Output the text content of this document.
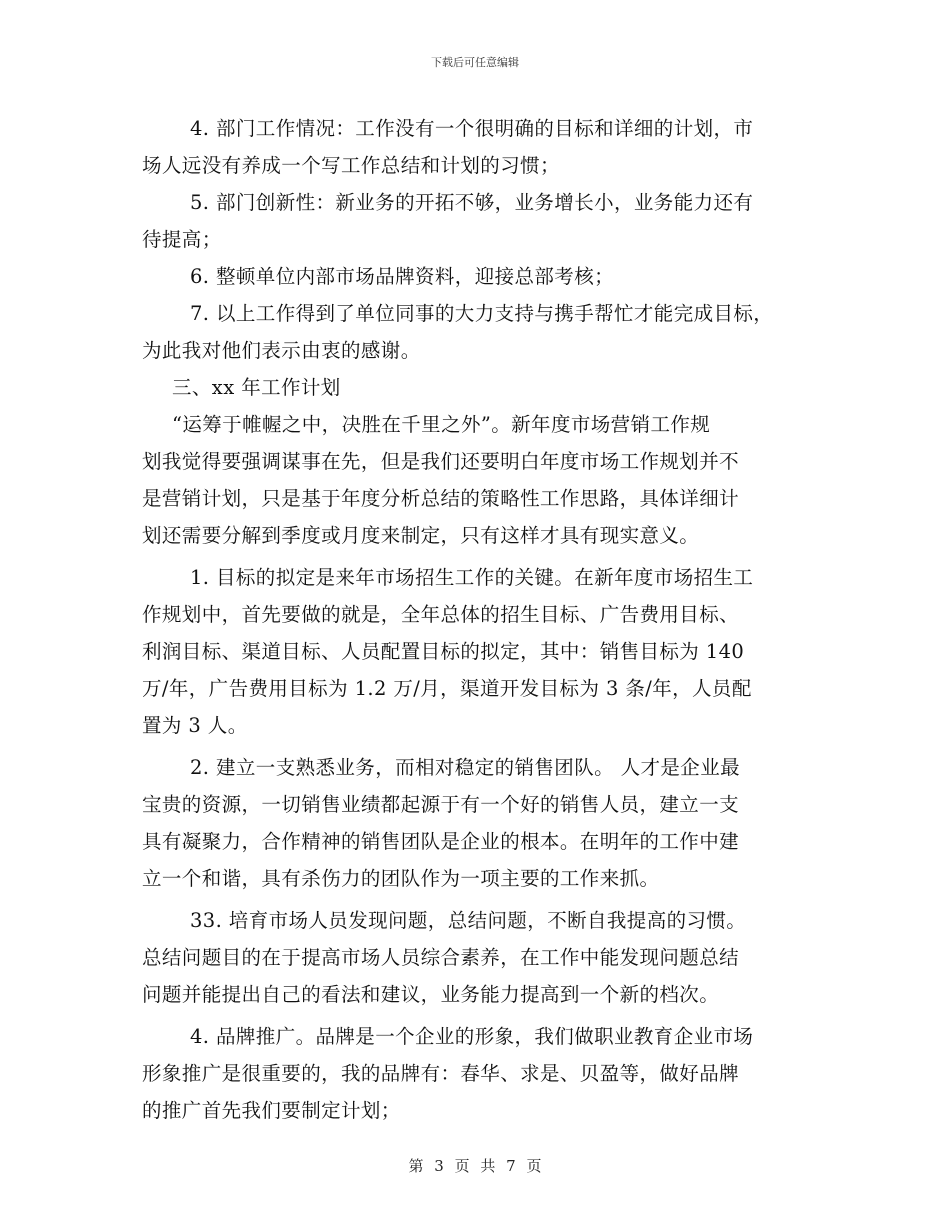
下载后可任意编辑
4. 部门工作情况：工作没有一个很明确的目标和详细的计划，市
场人远没有养成一个写工作总结和计划的习惯；
5. 部门创新性：新业务的开拓不够，业务增长小，业务能力还有
待提高；
6. 整顿单位内部市场品牌资料，迎接总部考核；
7. 以上工作得到了单位同事的大力支持与携手帮忙才能完成目标，
为此我对他们表示由衷的感谢。
三、xx 年工作计划
“运筹于帷幄之中，决胜在千里之外”。新年度市场营销工作规
划我觉得要强调谋事在先，但是我们还要明白年度市场工作规划并不
是营销计划，只是基于年度分析总结的策略性工作思路，具体详细计
划还需要分解到季度或月度来制定，只有这样才具有现实意义。
1. 目标的拟定是来年市场招生工作的关键。在新年度市场招生工
作规划中，首先要做的就是，全年总体的招生目标、广告费用目标、
利润目标、渠道目标、人员配置目标的拟定，其中：销售目标为 140
万/年，广告费用目标为 1.2 万/月，渠道开发目标为 3 条/年，人员配
置为 3 人。
2. 建立一支熟悉业务，而相对稳定的销售团队。 人才是企业最
宝贵的资源，一切销售业绩都起源于有一个好的销售人员，建立一支
具有凝聚力，合作精神的销售团队是企业的根本。在明年的工作中建
立一个和谐，具有杀伤力的团队作为一项主要的工作来抓。
33. 培育市场人员发现问题，总结问题，不断自我提高的习惯。
总结问题目的在于提高市场人员综合素养，在工作中能发现问题总结
问题并能提出自己的看法和建议，业务能力提高到一个新的档次。
4. 品牌推广。品牌是一个企业的形象，我们做职业教育企业市场
形象推广是很重要的，我的品牌有：春华、求是、贝盈等，做好品牌
的推广首先我们要制定计划；
第 3 页 共 7 页
